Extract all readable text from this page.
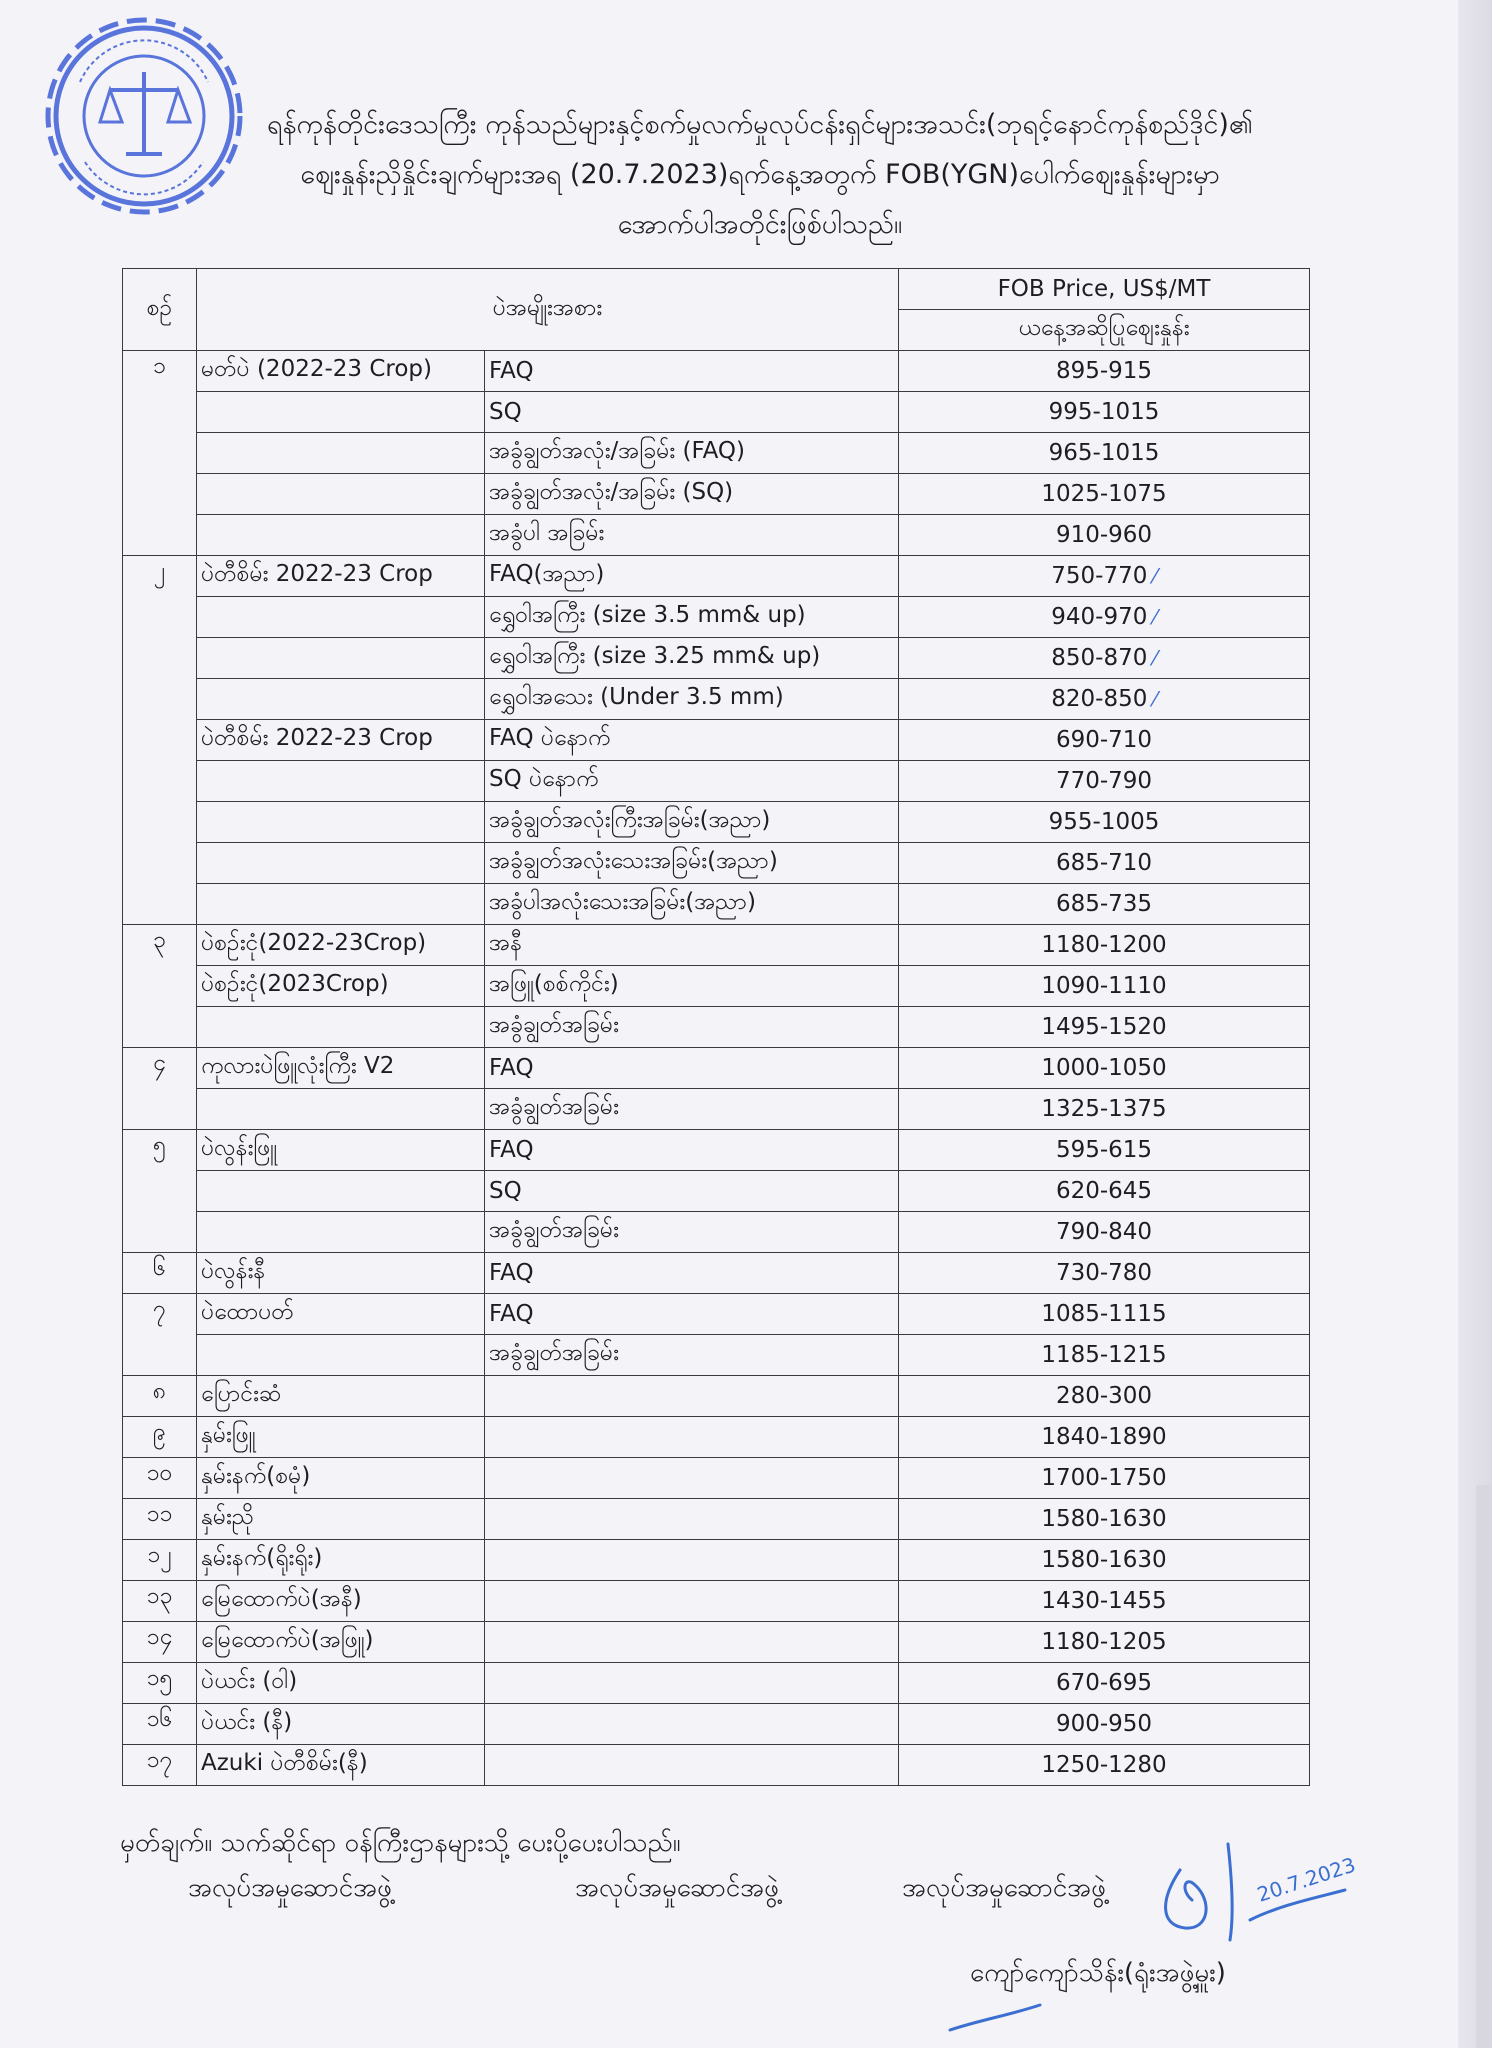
ရန်ကုန်တိုင်းဒေသကြီး ကုန်သည်များနှင့်စက်မှုလက်မှုလုပ်ငန်းရှင်များအသင်း(ဘုရင့်နောင်ကုန်စည်ဒိုင်)၏
ဈေးနှုန်းညှိနှိုင်းချက်များအရ (20.7.2023)ရက်နေ့အတွက် FOB(YGN)ပေါက်ဈေးနှုန်းများမှာ
အောက်ပါအတိုင်းဖြစ်ပါသည်။
စဉ်	ပဲအမျိုးအစား		FOB Price, US$/MT
			ယနေ့အဆိုပြုဈေးနှုန်း
၁	မတ်ပဲ (2022-23 Crop)	FAQ	895-915
		SQ	995-1015
		အခွံချွတ်အလုံး/အခြမ်း (FAQ)	965-1015
		အခွံချွတ်အလုံး/အခြမ်း (SQ)	1025-1075
		အခွံပါ အခြမ်း	910-960
၂	ပဲတီစိမ်း 2022-23 Crop	FAQ(အညာ)	750-770 ⁄
		ရွှေဝါအကြီး (size 3.5 mm& up)	940-970 ⁄
		ရွှေဝါအကြီး (size 3.25 mm& up)	850-870 ⁄
		ရွှေဝါအသေး (Under 3.5 mm)	820-850 ⁄
	ပဲတီစိမ်း 2022-23 Crop	FAQ ပဲနောက်	690-710
		SQ ပဲနောက်	770-790
		အခွံချွတ်အလုံးကြီးအခြမ်း(အညာ)	955-1005
		အခွံချွတ်အလုံးသေးအခြမ်း(အညာ)	685-710
		အခွံပါအလုံးသေးအခြမ်း(အညာ)	685-735
၃	ပဲစဉ်းငုံ(2022-23Crop)	အနီ	1180-1200
	ပဲစဉ်းငုံ(2023Crop)	အဖြူ(စစ်ကိုင်း)	1090-1110
		အခွံချွတ်အခြမ်း	1495-1520
၄	ကုလားပဲဖြူလုံးကြီး V2	FAQ	1000-1050
		အခွံချွတ်အခြမ်း	1325-1375
၅	ပဲလွန်းဖြူ	FAQ	595-615
		SQ	620-645
		အခွံချွတ်အခြမ်း	790-840
၆	ပဲလွန်းနီ	FAQ	730-780
၇	ပဲထောပတ်	FAQ	1085-1115
		အခွံချွတ်အခြမ်း	1185-1215
၈	ပြောင်းဆံ		280-300
၉	နှမ်းဖြူ		1840-1890
၁၀	နှမ်းနက်(စမုံ)		1700-1750
၁၁	နှမ်းညို		1580-1630
၁၂	နှမ်းနက်(ရိုးရိုး)		1580-1630
၁၃	မြေထောက်ပဲ(အနီ)		1430-1455
၁၄	မြေထောက်ပဲ(အဖြူ)		1180-1205
၁၅	ပဲယင်း (ဝါ)		670-695
၁၆	ပဲယင်း (နီ)		900-950
၁၇	Azuki ပဲတီစိမ်း(နီ)		1250-1280
မှတ်ချက်။ သက်ဆိုင်ရာ ဝန်ကြီးဌာနများသို့ ပေးပို့ပေးပါသည်။
အလုပ်အမှုဆောင်အဖွဲ့	အလုပ်အမှုဆောင်အဖွဲ့	အလုပ်အမှုဆောင်အဖွဲ့	20.7.2023
ကျော်ကျော်သိန်း(ရုံးအဖွဲ့မှူး)
